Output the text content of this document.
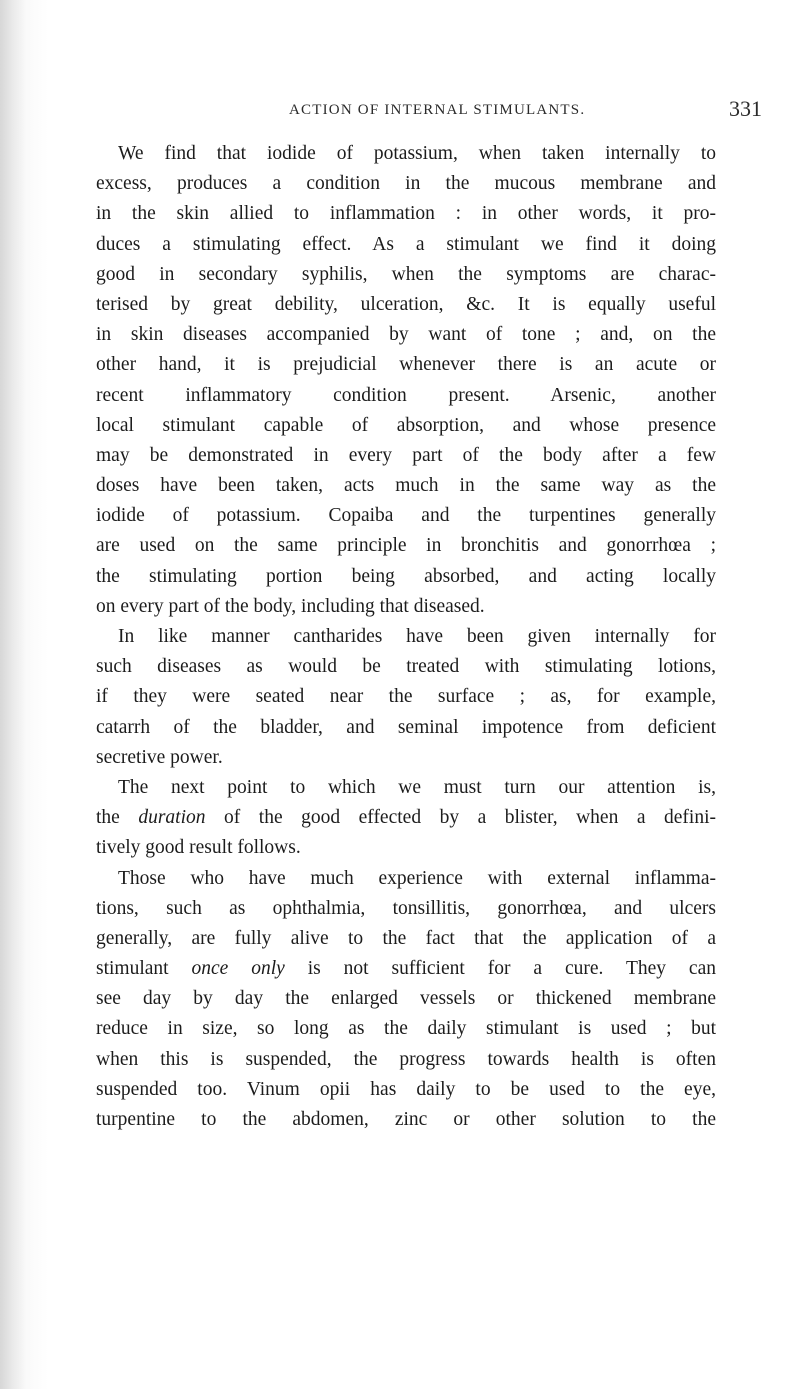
ACTION OF INTERNAL STIMULANTS.	331
We find that iodide of potassium, when taken internally to
excess, produces a condition in the mucous membrane and
in the skin allied to inflammation : in other words, it pro-
duces a stimulating effect. As a stimulant we find it doing
good in secondary syphilis, when the symptoms are charac-
terised by great debility, ulceration, &c. It is equally useful
in skin diseases accompanied by want of tone ; and, on the
other hand, it is prejudicial whenever there is an acute or
recent inflammatory condition present. Arsenic, another
local stimulant capable of absorption, and whose presence
may be demonstrated in every part of the body after a few
doses have been taken, acts much in the same way as the
iodide of potassium. Copaiba and the turpentines generally
are used on the same principle in bronchitis and gonorrhœa ;
the stimulating portion being absorbed, and acting locally
on every part of the body, including that diseased.
In like manner cantharides have been given internally for
such diseases as would be treated with stimulating lotions,
if they were seated near the surface ; as, for example,
catarrh of the bladder, and seminal impotence from deficient
secretive power.
The next point to which we must turn our attention is,
the duration of the good effected by a blister, when a defini-
tively good result follows.
Those who have much experience with external inflamma-
tions, such as ophthalmia, tonsillitis, gonorrhœa, and ulcers
generally, are fully alive to the fact that the application of a
stimulant once only is not sufficient for a cure. They can
see day by day the enlarged vessels or thickened membrane
reduce in size, so long as the daily stimulant is used ; but
when this is suspended, the progress towards health is often
suspended too. Vinum opii has daily to be used to the eye,
turpentine to the abdomen, zinc or other solution to the
